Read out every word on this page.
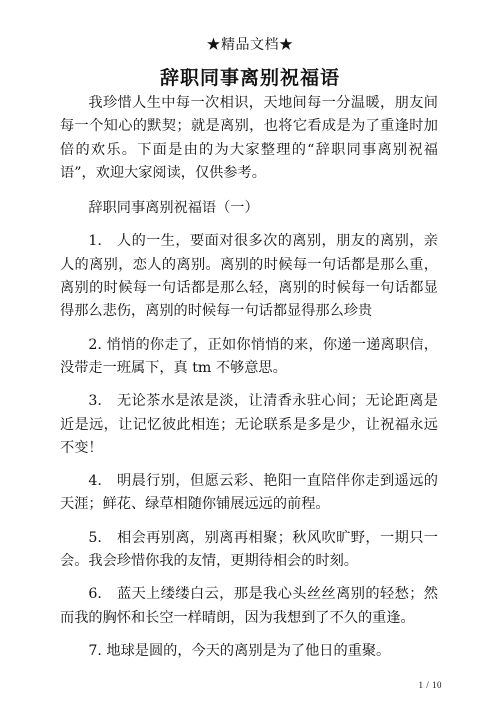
★精品文档★
辞职同事离别祝福语

我珍惜人生中每一次相识，天地间每一分温暖，朋友间每一个知心的默契；就是离别，也将它看成是为了重逢时加倍的欢乐。下面是由的为大家整理的“辞职同事离别祝福语”，欢迎大家阅读，仅供参考。

辞职同事离别祝福语（一）

1.　人的一生，要面对很多次的离别，朋友的离别，亲人的离别，恋人的离别。离别的时候每一句话都是那么重，离别的时候每一句话都是那么轻，离别的时候每一句话都显得那么悲伤，离别的时候每一句话都显得那么珍贵

2. 悄悄的你走了，正如你悄悄的来，你递一递离职信，没带走一班属下，真 tm 不够意思。

3.　无论茶水是浓是淡，让清香永驻心间；无论距离是近是远，让记忆彼此相连；无论联系是多是少，让祝福永远不变！

4.　明晨行别，但愿云彩、艳阳一直陪伴你走到遥远的天涯；鲜花、绿草相随你铺展远远的前程。

5.　相会再别离，别离再相聚；秋风吹旷野，一期只一会。我会珍惜你我的友情，更期待相会的时刻。

6.　蓝天上缕缕白云，那是我心头丝丝离别的轻愁；然而我的胸怀和长空一样晴朗，因为我想到了不久的重逢。

7. 地球是圆的，今天的离别是为了他日的重聚。

1 / 10
